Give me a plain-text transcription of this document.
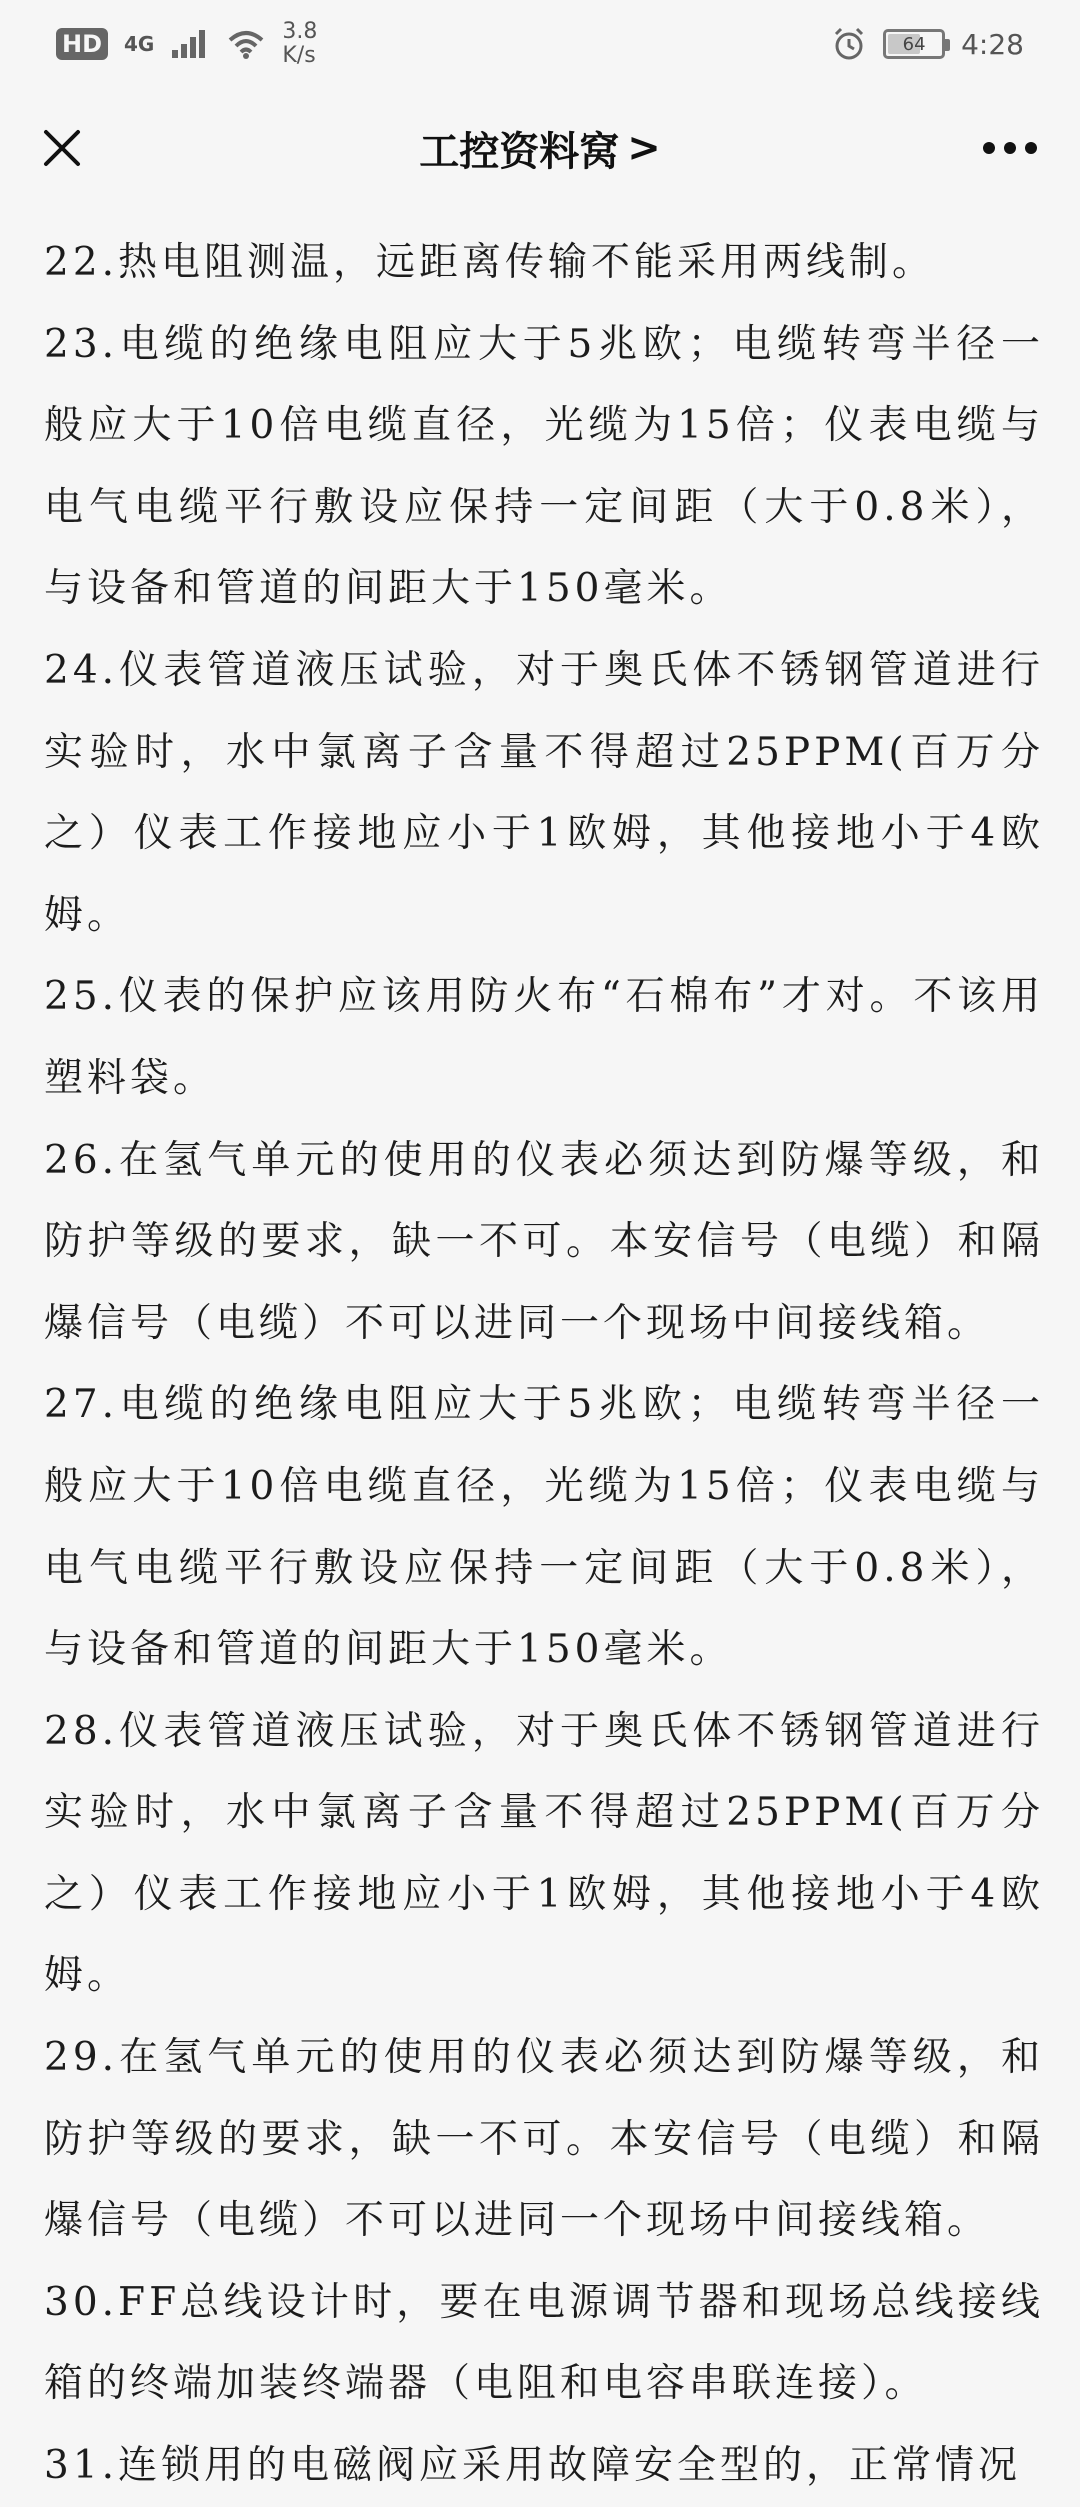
HD	4G	3.8
K/s	64 4:28
工控资料窝 >

22.热电阻测温，远距离传输不能采用两线制。

23.电缆的绝缘电阻应大于5兆欧；电缆转弯半径一般应大于10倍电缆直径，光缆为15倍；仪表电缆与电气电缆平行敷设应保持一定间距（大于0.8米），与设备和管道的间距大于150毫米。

24.仪表管道液压试验，对于奥氏体不锈钢管道进行实验时，水中氯离子含量不得超过25PPM(百万分之）仪表工作接地应小于1欧姆，其他接地小于4欧姆。

25.仪表的保护应该用防火布“石棉布”才对。不该用塑料袋。

26.在氢气单元的使用的仪表必须达到防爆等级，和防护等级的要求，缺一不可。本安信号（电缆）和隔爆信号（电缆）不可以进同一个现场中间接线箱。

27.电缆的绝缘电阻应大于5兆欧；电缆转弯半径一般应大于10倍电缆直径，光缆为15倍；仪表电缆与电气电缆平行敷设应保持一定间距（大于0.8米），与设备和管道的间距大于150毫米。

28.仪表管道液压试验，对于奥氏体不锈钢管道进行实验时，水中氯离子含量不得超过25PPM(百万分之）仪表工作接地应小于1欧姆，其他接地小于4欧姆。

29.在氢气单元的使用的仪表必须达到防爆等级，和防护等级的要求，缺一不可。本安信号（电缆）和隔爆信号（电缆）不可以进同一个现场中间接线箱。

30.FF总线设计时，要在电源调节器和现场总线接线箱的终端加装终端器（电阻和电容串联连接）。

31.连锁用的电磁阀应采用故障安全型的，正常情况
